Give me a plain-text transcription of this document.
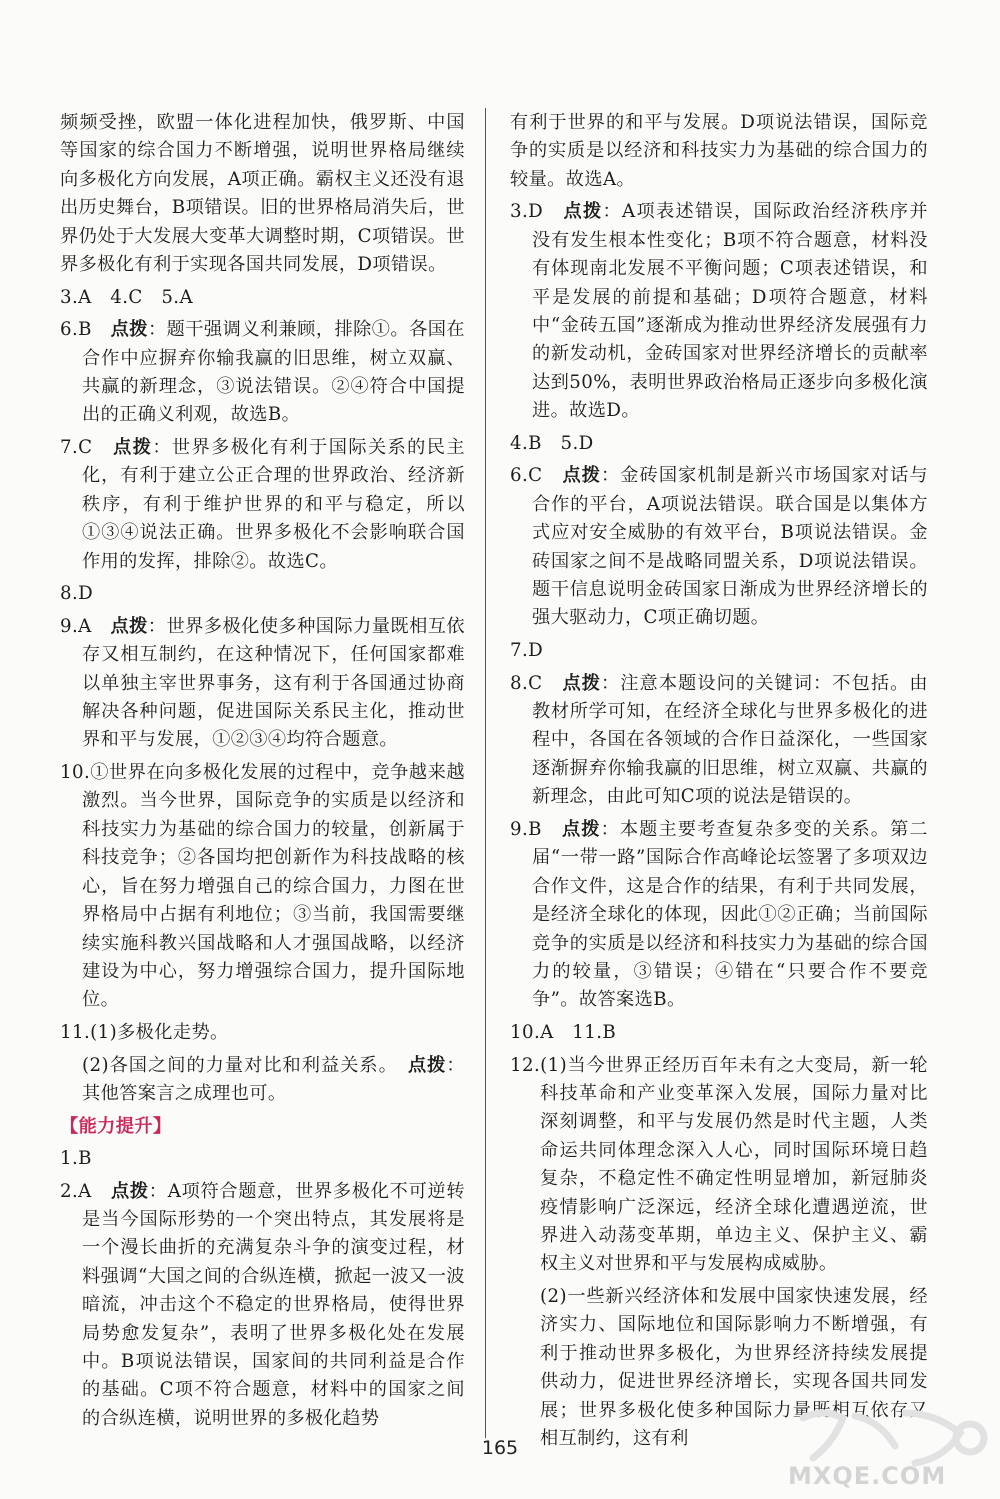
频频受挫，欧盟一体化进程加快，俄罗斯、中国等国家的综合国力不断增强，说明世界格局继续向多极化方向发展，A项正确。霸权主义还没有退出历史舞台，B项错误。旧的世界格局消失后，世界仍处于大发展大变革大调整时期，C项错误。世界多极化有利于实现各国共同发展，D项错误。
3.A　4.C　5.A
6.B　 点拨：题干强调义利兼顾，排除①。各国在合作中应摒弃你输我赢的旧思维，树立双赢、共赢的新理念，③说法错误。②④符合中国提出的正确义利观，故选B。
7.C　 点拨：世界多极化有利于国际关系的民主化，有利于建立公正合理的世界政治、经济新秩序，有利于维护世界的和平与稳定，所以①③④说法正确。世界多极化不会影响联合国作用的发挥，排除②。故选C。
8.D
9.A　 点拨：世界多极化使多种国际力量既相互依存又相互制约，在这种情况下，任何国家都难以单独主宰世界事务，这有利于各国通过协商解决各种问题，促进国际关系民主化，推动世界和平与发展，①②③④均符合题意。
10.①世界在向多极化发展的过程中，竞争越来越激烈。当今世界，国际竞争的实质是以经济和科技实力为基础的综合国力的较量，创新属于科技竞争；②各国均把创新作为科技战略的核心，旨在努力增强自己的综合国力，力图在世界格局中占据有利地位；③当前，我国需要继续实施科教兴国战略和人才强国战略，以经济建设为中心，努力增强综合国力，提升国际地位。
11.(1)多极化走势。
(2)各国之间的力量对比和利益关系。　点拨：其他答案言之成理也可。
【能力提升】
1.B
2.A　 点拨：A项符合题意，世界多极化不可逆转是当今国际形势的一个突出特点，其发展将是一个漫长曲折的充满复杂斗争的演变过程，材料强调“大国之间的合纵连横，掀起一波又一波暗流，冲击这个不稳定的世界格局，使得世界局势愈发复杂”，表明了世界多极化处在发展中。B项说法错误，国家间的共同利益是合作的基础。C项不符合题意，材料中的国家之间的合纵连横，说明世界的多极化趋势
有利于世界的和平与发展。D项说法错误，国际竞争的实质是以经济和科技实力为基础的综合国力的较量。故选A。
3.D　 点拨：A项表述错误，国际政治经济秩序并没有发生根本性变化；B项不符合题意，材料没有体现南北发展不平衡问题；C项表述错误，和平是发展的前提和基础；D项符合题意，材料中“金砖五国”逐渐成为推动世界经济发展强有力的新发动机，金砖国家对世界经济增长的贡献率达到50%，表明世界政治格局正逐步向多极化演进。故选D。
4.B　5.D
6.C　 点拨：金砖国家机制是新兴市场国家对话与合作的平台，A项说法错误。联合国是以集体方式应对安全威胁的有效平台，B项说法错误。金砖国家之间不是战略同盟关系，D项说法错误。题干信息说明金砖国家日渐成为世界经济增长的强大驱动力，C项正确切题。
7.D
8.C　 点拨：注意本题设问的关键词：不包括。由教材所学可知，在经济全球化与世界多极化的进程中，各国在各领域的合作日益深化，一些国家逐渐摒弃你输我赢的旧思维，树立双赢、共赢的新理念，由此可知C项的说法是错误的。
9.B　 点拨：本题主要考查复杂多变的关系。第二届“一带一路”国际合作高峰论坛签署了多项双边合作文件，这是合作的结果，有利于共同发展，是经济全球化的体现，因此①②正确；当前国际竞争的实质是以经济和科技实力为基础的综合国力的较量，③错误；④错在“只要合作不要竞争”。故答案选B。
10.A　11.B
12.(1)当今世界正经历百年未有之大变局，新一轮科技革命和产业变革深入发展，国际力量对比深刻调整，和平与发展仍然是时代主题，人类命运共同体理念深入人心，同时国际环境日趋复杂，不稳定性不确定性明显增加，新冠肺炎疫情影响广泛深远，经济全球化遭遇逆流，世界进入动荡变革期，单边主义、保护主义、霸权主义对世界和平与发展构成威胁。
(2)一些新兴经济体和发展中国家快速发展，经济实力、国际地位和国际影响力不断增强，有利于推动世界多极化，为世界经济持续发展提供动力，促进世界经济增长，实现各国共同发展；世界多极化使多种国际力量既相互依存又相互制约，这有利
165
MXQE.COM
